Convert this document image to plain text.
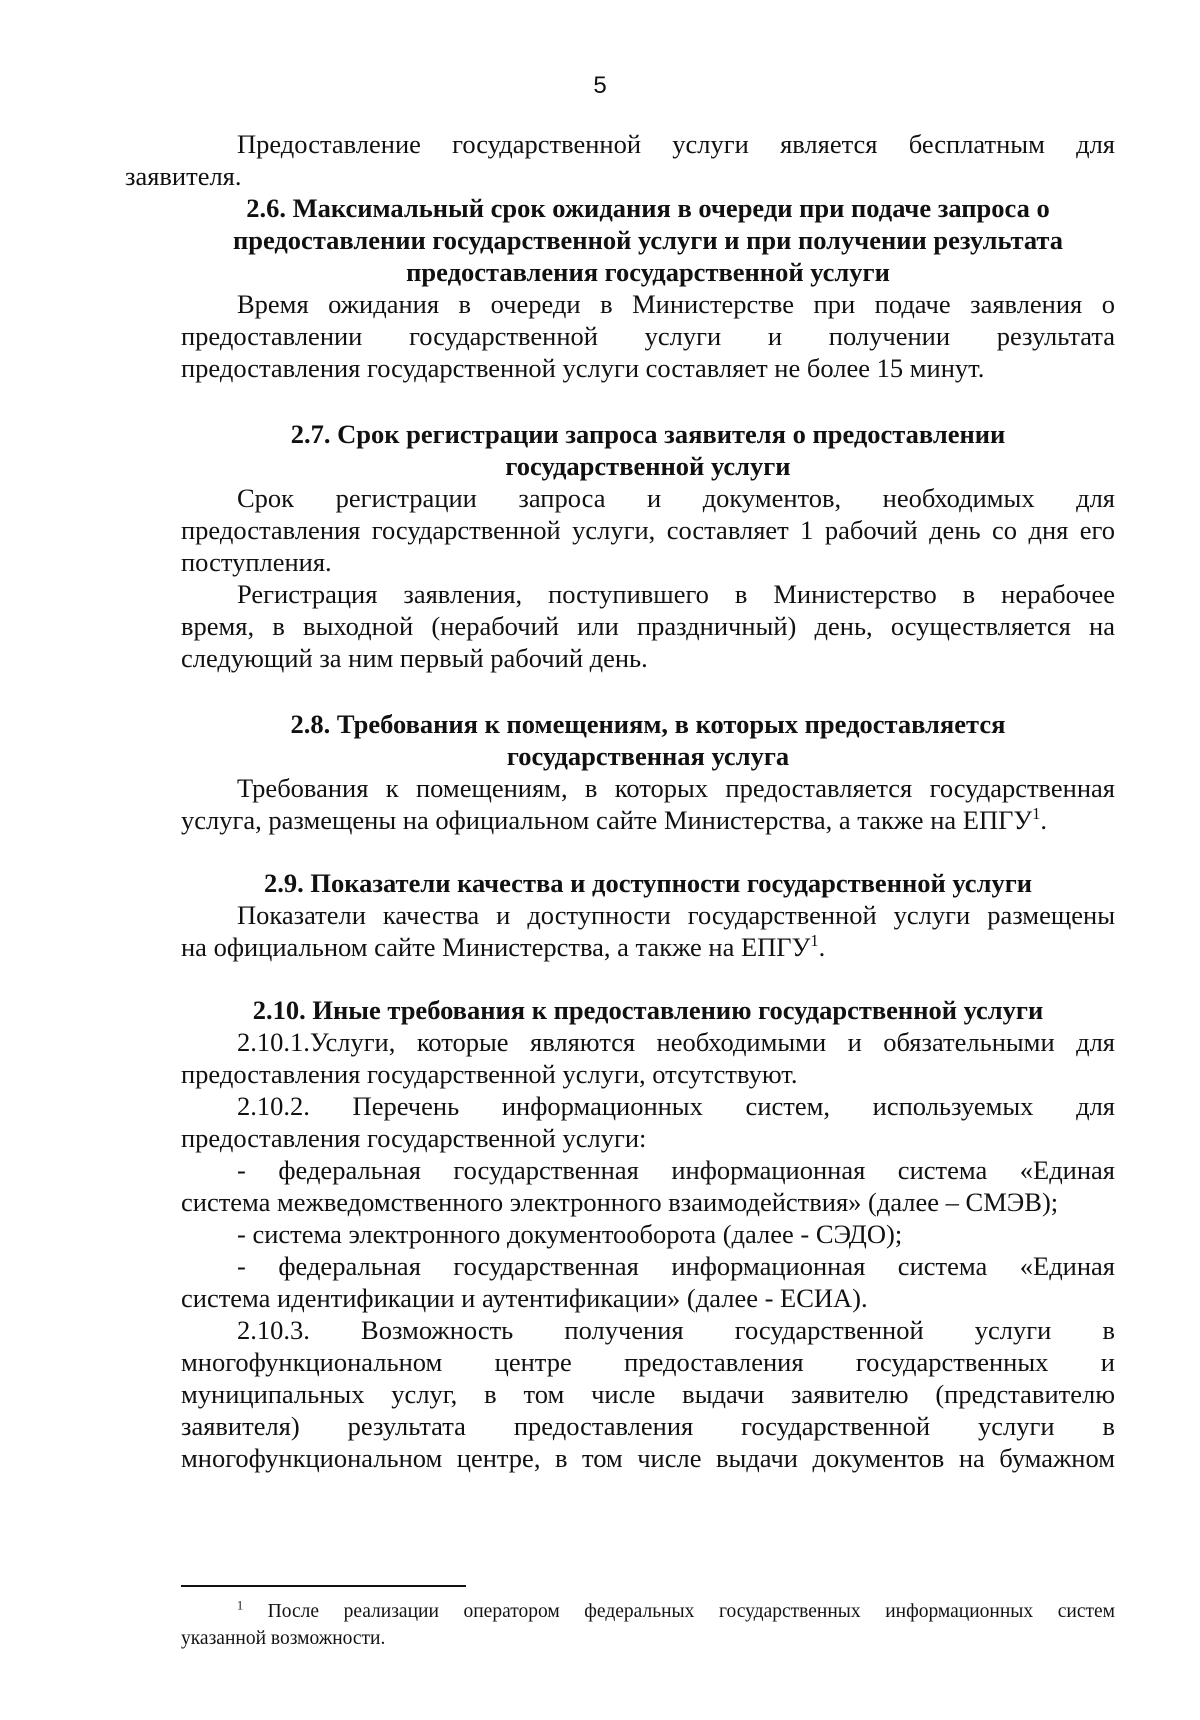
5
Предоставление государственной услуги является бесплатным для
заявителя.
2.6. Максимальный срок ожидания в очереди при подаче запроса о
предоставлении государственной услуги и при получении результата
предоставления государственной услуги
Время ожидания в очереди в Министерстве при подаче заявления о
предоставлении государственной услуги и получении результата
предоставления государственной услуги составляет не более 15 минут.
2.7. Срок регистрации запроса заявителя о предоставлении
государственной услуги
Срок регистрации запроса и документов, необходимых для
предоставления государственной услуги, составляет 1 рабочий день со дня его
поступления.
Регистрация заявления, поступившего в Министерство в нерабочее
время, в выходной (нерабочий или праздничный) день, осуществляется на
следующий за ним первый рабочий день.
2.8. Требования к помещениям, в которых предоставляется
государственная услуга
Требования к помещениям, в которых предоставляется государственная
услуга, размещены на официальном сайте Министерства, а также на ЕПГУ$^1$.
2.9. Показатели качества и доступности государственной услуги
Показатели качества и доступности государственной услуги размещены
на официальном сайте Министерства, а также на ЕПГУ$^1$.
2.10. Иные требования к предоставлению государственной услуги
2.10.1.Услуги, которые являются необходимыми и обязательными для
предоставления государственной услуги, отсутствуют.
2.10.2. Перечень информационных систем, используемых для
предоставления государственной услуги:
- федеральная государственная информационная система «Единая
система межведомственного электронного взаимодействия» (далее – СМЭВ);
- система электронного документооборота (далее - СЭДО);
- федеральная государственная информационная система «Единая
система идентификации и аутентификации» (далее - ЕСИА).
2.10.3. Возможность получения государственной услуги в
многофункциональном центре предоставления государственных и
муниципальных услуг, в том числе выдачи заявителю (представителю
заявителя) результата предоставления государственной услуги в
многофункциональном центре, в том числе выдачи документов на бумажном
$^1$ После реализации оператором федеральных государственных информационных систем
указанной возможности.
